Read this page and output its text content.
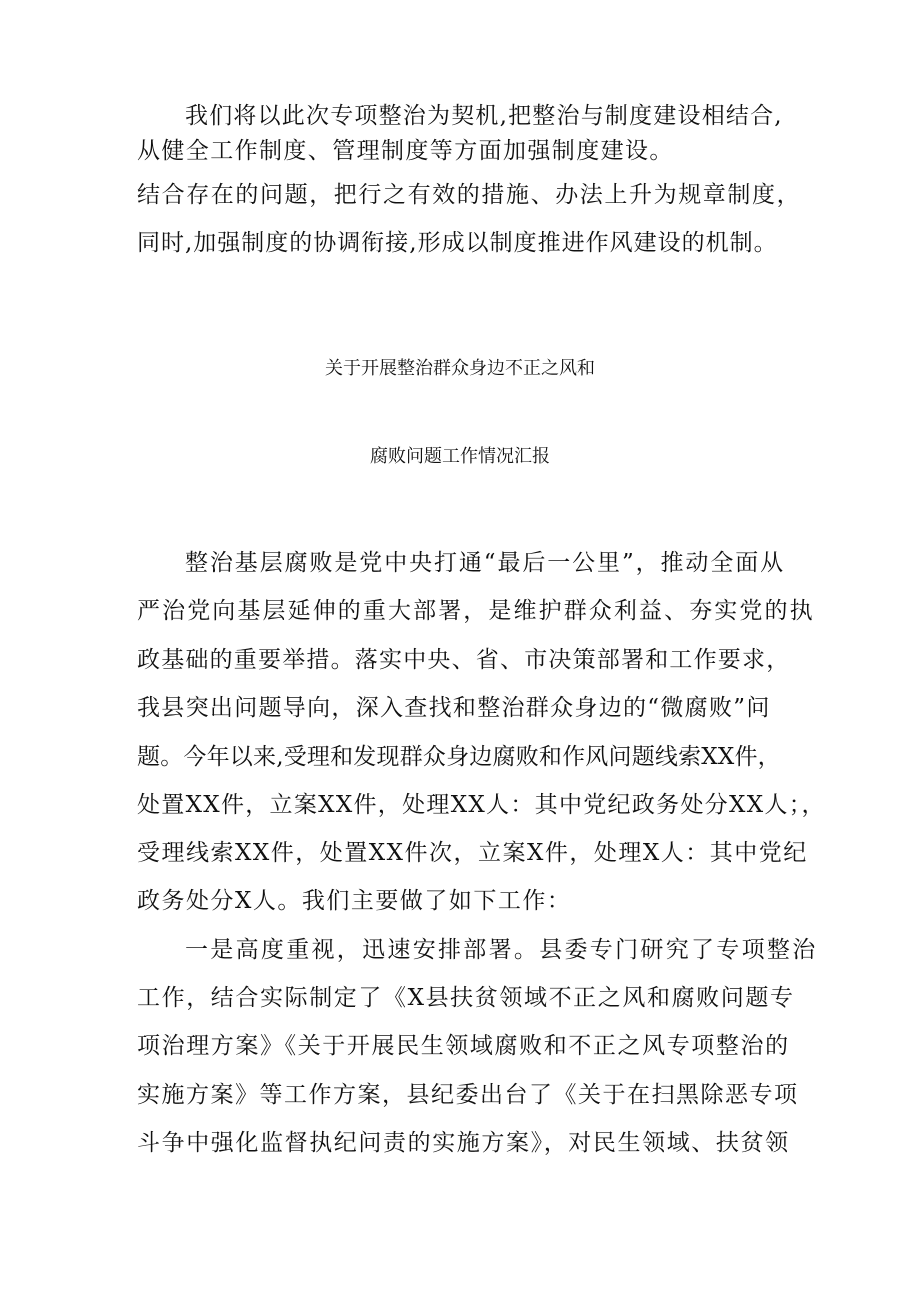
我们将以此次专项整治为契机,把整治与制度建设相结合,
从健全工作制度、管理制度等方面加强制度建设。
结合存在的问题，把行之有效的措施、办法上升为规章制度，
同时,加强制度的协调衔接,形成以制度推进作风建设的机制。
关于开展整治群众身边不正之风和
腐败问题工作情况汇报
整治基层腐败是党中央打通“最后一公里”，推动全面从
严治党向基层延伸的重大部署，是维护群众利益、夯实党的执
政基础的重要举措。落实中央、省、市决策部署和工作要求，
我县突出问题导向，深入查找和整治群众身边的“微腐败”问
题。今年以来,受理和发现群众身边腐败和作风问题线索XX件，
处置XX件，立案XX件，处理XX人：其中党纪政务处分XX人；，
受理线索XX件，处置XX件次，立案X件，处理X人：其中党纪
政务处分X人。我们主要做了如下工作：
一是高度重视，迅速安排部署。县委专门研究了专项整治
工作，结合实际制定了《X县扶贫领域不正之风和腐败问题专
项治理方案》《关于开展民生领域腐败和不正之风专项整治的
实施方案》等工作方案，县纪委出台了《关于在扫黑除恶专项
斗争中强化监督执纪问责的实施方案》，对民生领域、扶贫领
